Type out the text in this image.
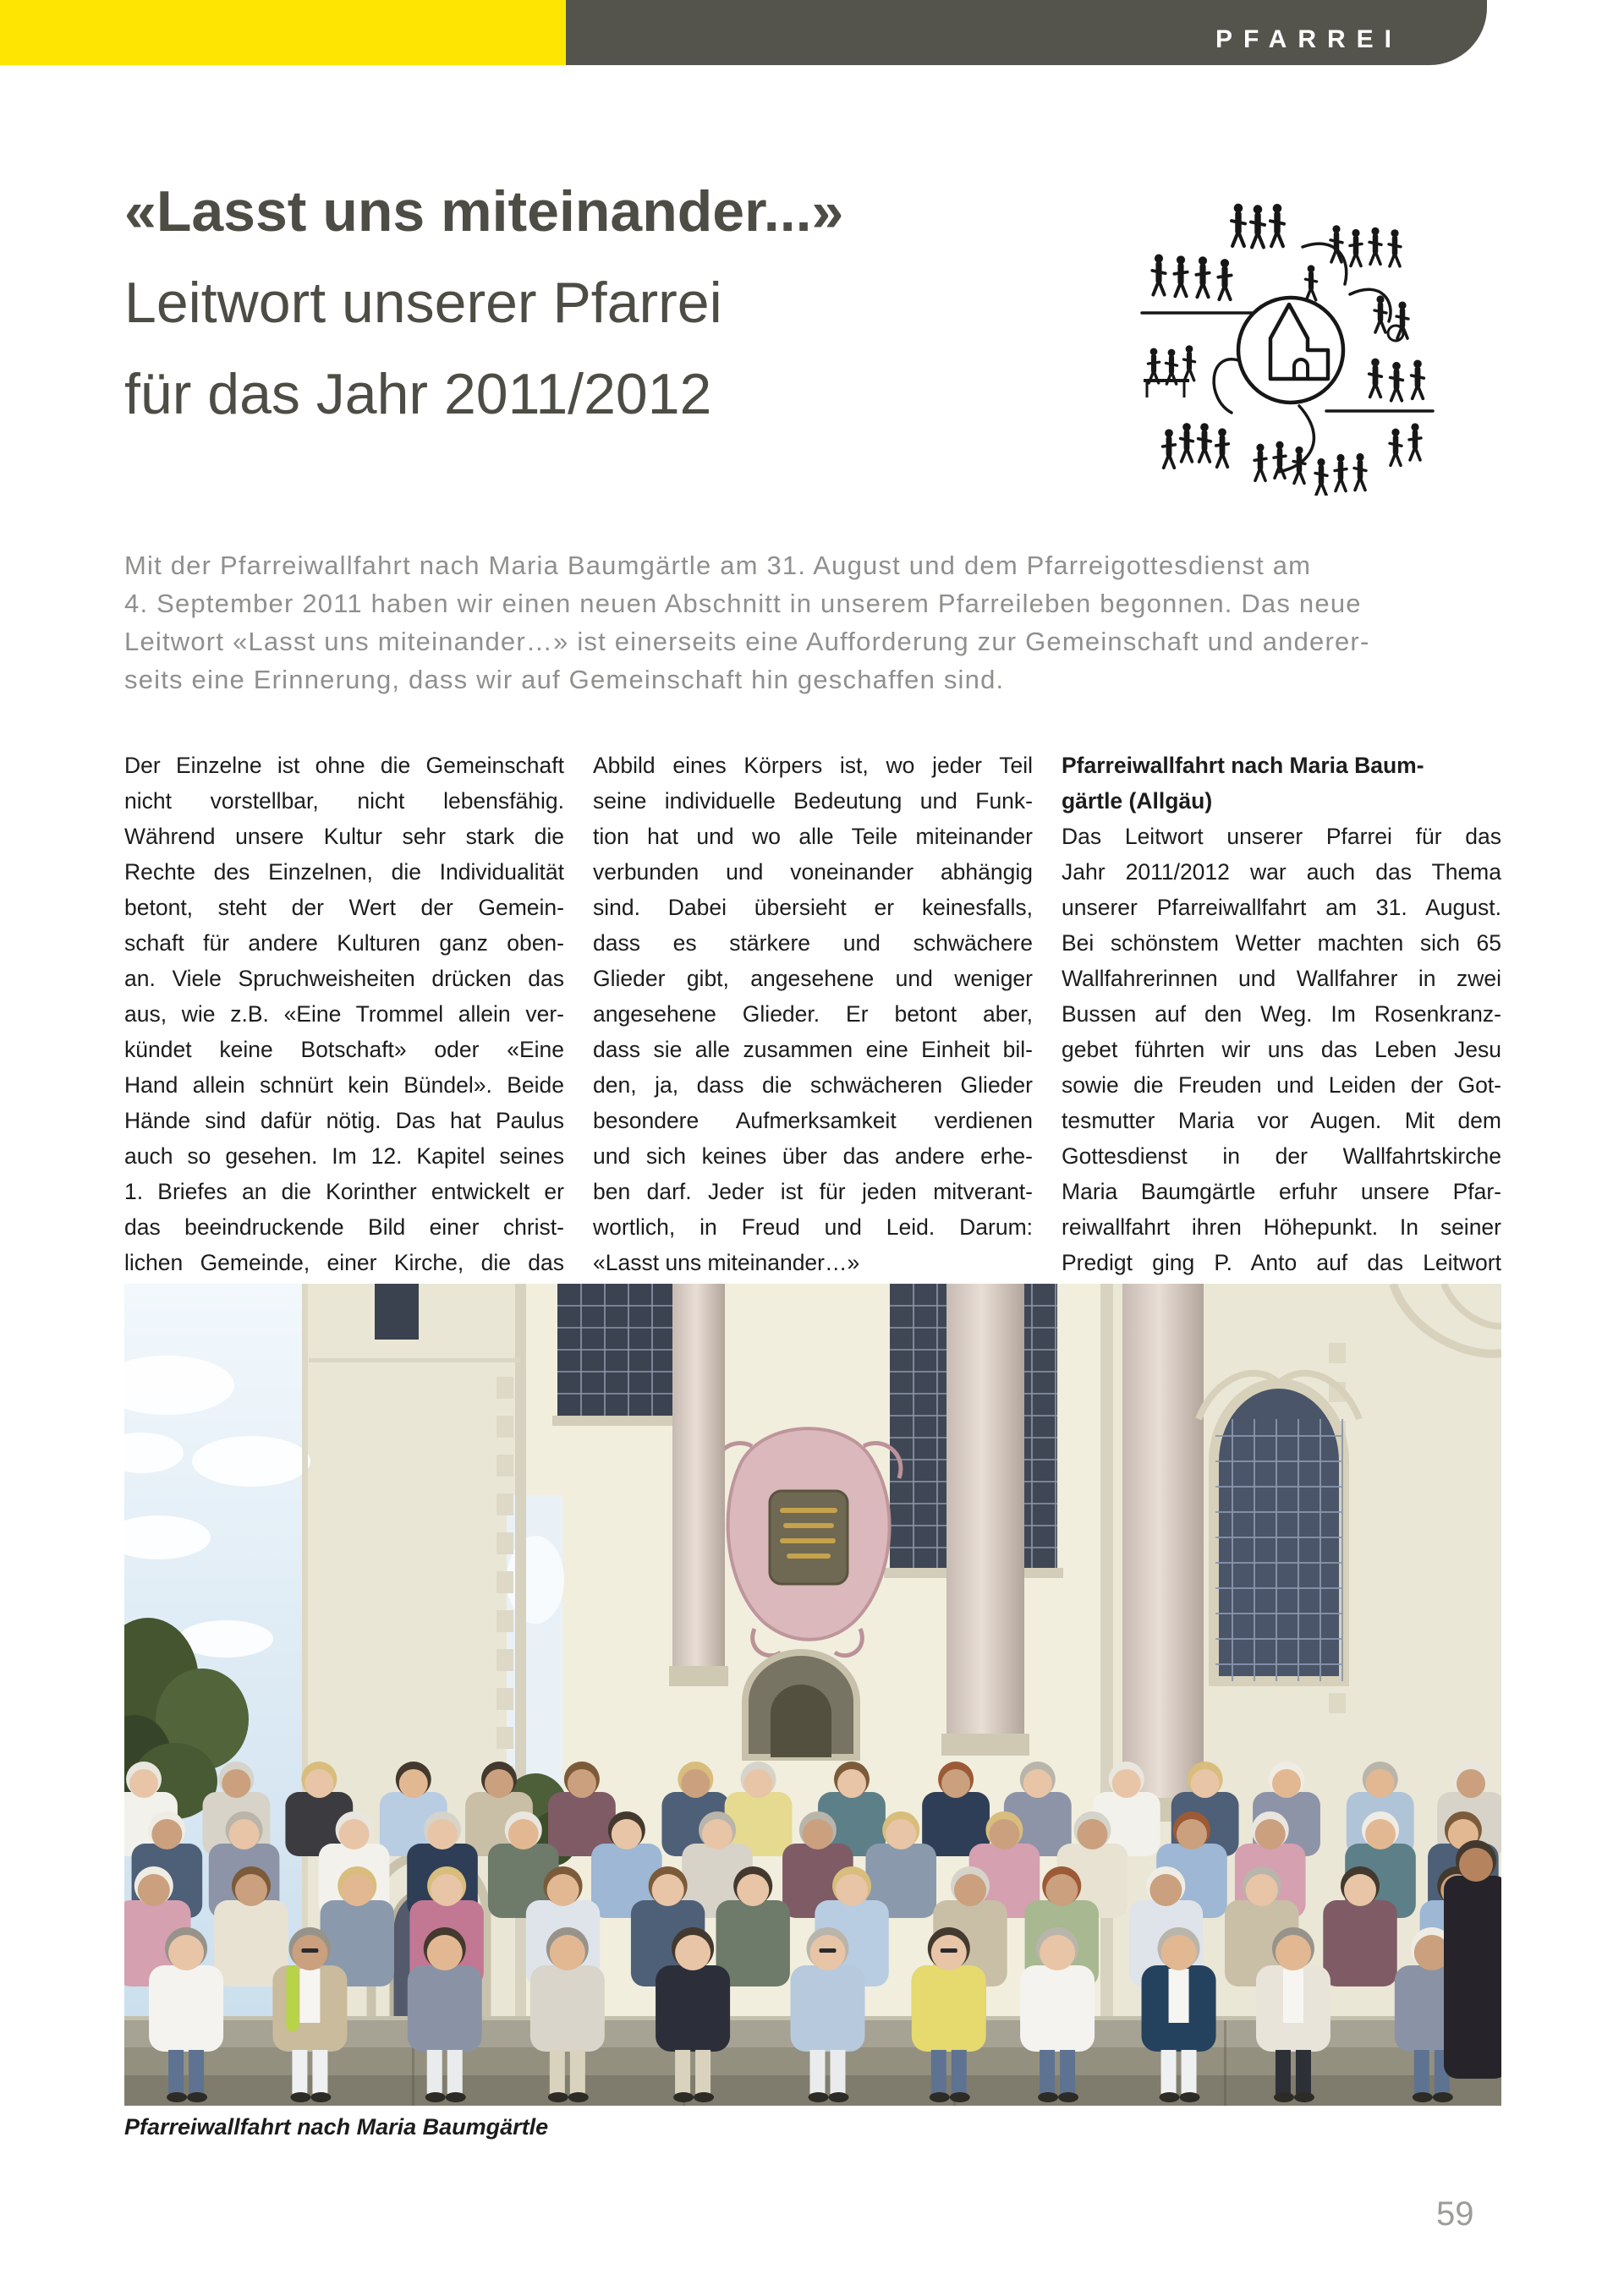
PFARREI
«Lasst uns miteinander...»
Leitwort unserer Pfarrei
für das Jahr 2011/2012
Mit der Pfarreiwallfahrt nach Maria Baumgärtle am 31. August und dem Pfarreigottesdienst am
4. September 2011 haben wir einen neuen Abschnitt in unserem Pfarreileben begonnen. Das neue
Leitwort «Lasst uns miteinander…» ist einerseits eine Aufforderung zur Gemeinschaft und anderer-
seits eine Erinnerung, dass wir auf Gemeinschaft hin geschaffen sind.
Der Einzelne ist ohne die Gemeinschaft
nicht vorstellbar, nicht lebensfähig.
Während unsere Kultur sehr stark die
Rechte des Einzelnen, die Individualität
betont, steht der Wert der Gemein-
schaft für andere Kulturen ganz oben-
an. Viele Spruchweisheiten drücken das
aus, wie z.B. «Eine Trommel allein ver-
kündet keine Botschaft» oder «Eine
Hand allein schnürt kein Bündel». Beide
Hände sind dafür nötig. Das hat Paulus
auch so gesehen. Im 12. Kapitel seines
1. Briefes an die Korinther entwickelt er
das beeindruckende Bild einer christ-
lichen Gemeinde, einer Kirche, die das
Abbild eines Körpers ist, wo jeder Teil
seine individuelle Bedeutung und Funk-
tion hat und wo alle Teile miteinander
verbunden und voneinander abhängig
sind. Dabei übersieht er keinesfalls,
dass es stärkere und schwächere
Glieder gibt, angesehene und weniger
angesehene Glieder. Er betont aber,
dass sie alle zusammen eine Einheit bil-
den, ja, dass die schwächeren Glieder
besondere Aufmerksamkeit verdienen
und sich keines über das andere erhe-
ben darf. Jeder ist für jeden mitverant-
wortlich, in Freud und Leid. Darum:
«Lasst uns miteinander…»
Pfarreiwallfahrt nach Maria Baum-
gärtle (Allgäu)
Das Leitwort unserer Pfarrei für das
Jahr 2011/2012 war auch das Thema
unserer Pfarreiwallfahrt am 31. August.
Bei schönstem Wetter machten sich 65
Wallfahrerinnen und Wallfahrer in zwei
Bussen auf den Weg. Im Rosenkranz-
gebet führten wir uns das Leben Jesu
sowie die Freuden und Leiden der Got-
tesmutter Maria vor Augen. Mit dem
Gottesdienst in der Wallfahrtskirche
Maria Baumgärtle erfuhr unsere Pfar-
reiwallfahrt ihren Höhepunkt. In seiner
Predigt ging P. Anto auf das Leitwort
Pfarreiwallfahrt nach Maria Baumgärtle
59
